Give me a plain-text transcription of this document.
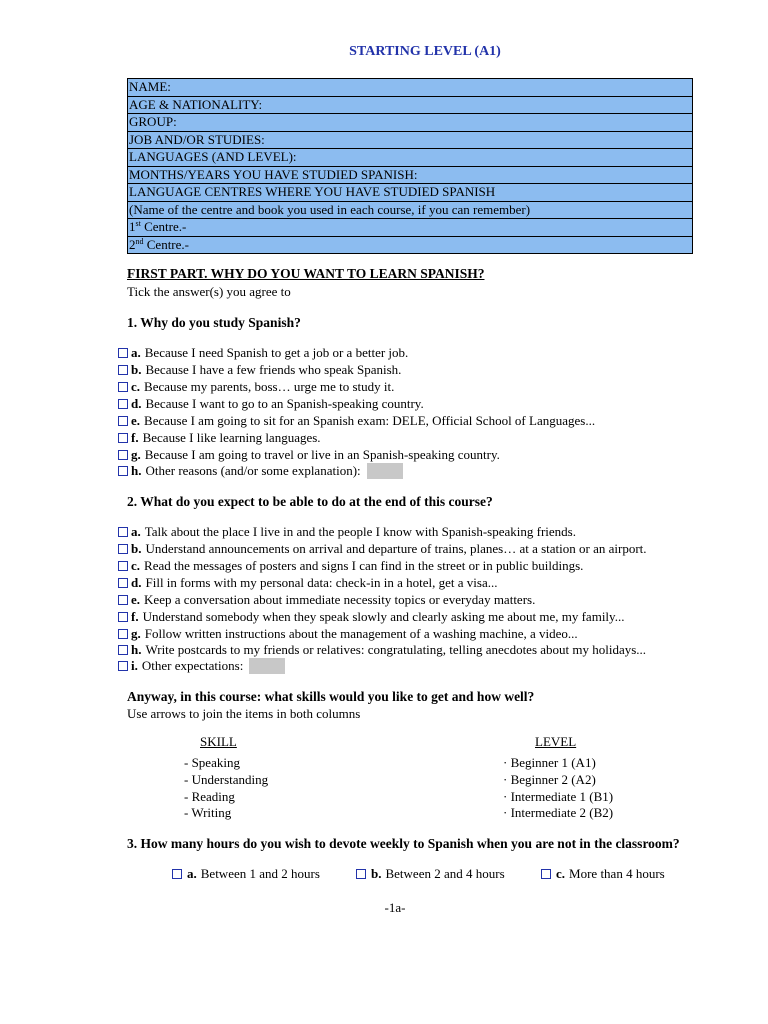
STARTING LEVEL (A1)
NAME:
AGE & NATIONALITY:
GROUP:
JOB AND/OR STUDIES:
LANGUAGES (AND LEVEL):
MONTHS/YEARS YOU HAVE STUDIED SPANISH:
LANGUAGE CENTRES WHERE YOU HAVE STUDIED SPANISH
(Name of the centre and book you used in each course, if you can remember)
1st Centre.-
2nd Centre.-
FIRST PART. WHY DO YOU WANT TO LEARN SPANISH?
Tick the answer(s) you agree to
1. Why do you study Spanish?
a. Because I need Spanish to get a job or a better job.
b. Because I have a few friends who speak Spanish.
c. Because my parents, boss… urge me to study it.
d. Because I want to go to an Spanish-speaking country.
e. Because I am going to sit for an Spanish exam: DELE, Official School of Languages...
f. Because I like learning languages.
g. Because I am going to travel or live in an Spanish-speaking country.
h. Other reasons (and/or some explanation):
2. What do you expect to be able to do at the end of this course?
a. Talk about the place I live in and the people I know with Spanish-speaking friends.
b. Understand announcements on arrival and departure of trains, planes… at a station or an airport.
c. Read the messages of posters and signs I can find in the street or in public buildings.
d. Fill in forms with my personal data: check-in in a hotel, get a visa...
e. Keep a conversation about immediate necessity topics or everyday matters.
f. Understand somebody when they speak slowly and clearly asking me about me, my family...
g. Follow written instructions about the management of a washing machine, a video...
h. Write postcards to my friends or relatives: congratulating, telling anecdotes about my holidays...
i. Other expectations:
Anyway, in this course: what skills would you like to get and how well?
Use arrows to join the items in both columns
SKILL	LEVEL
- Speaking
- Understanding
- Reading
- Writing
· Beginner 1 (A1)
· Beginner 2 (A2)
· Intermediate 1 (B1)
· Intermediate 2 (B2)
3. How many hours do you wish to devote weekly to Spanish when you are not in the classroom?
a. Between 1 and 2 hours	b. Between 2 and 4 hours	c. More than 4 hours
-1a-
